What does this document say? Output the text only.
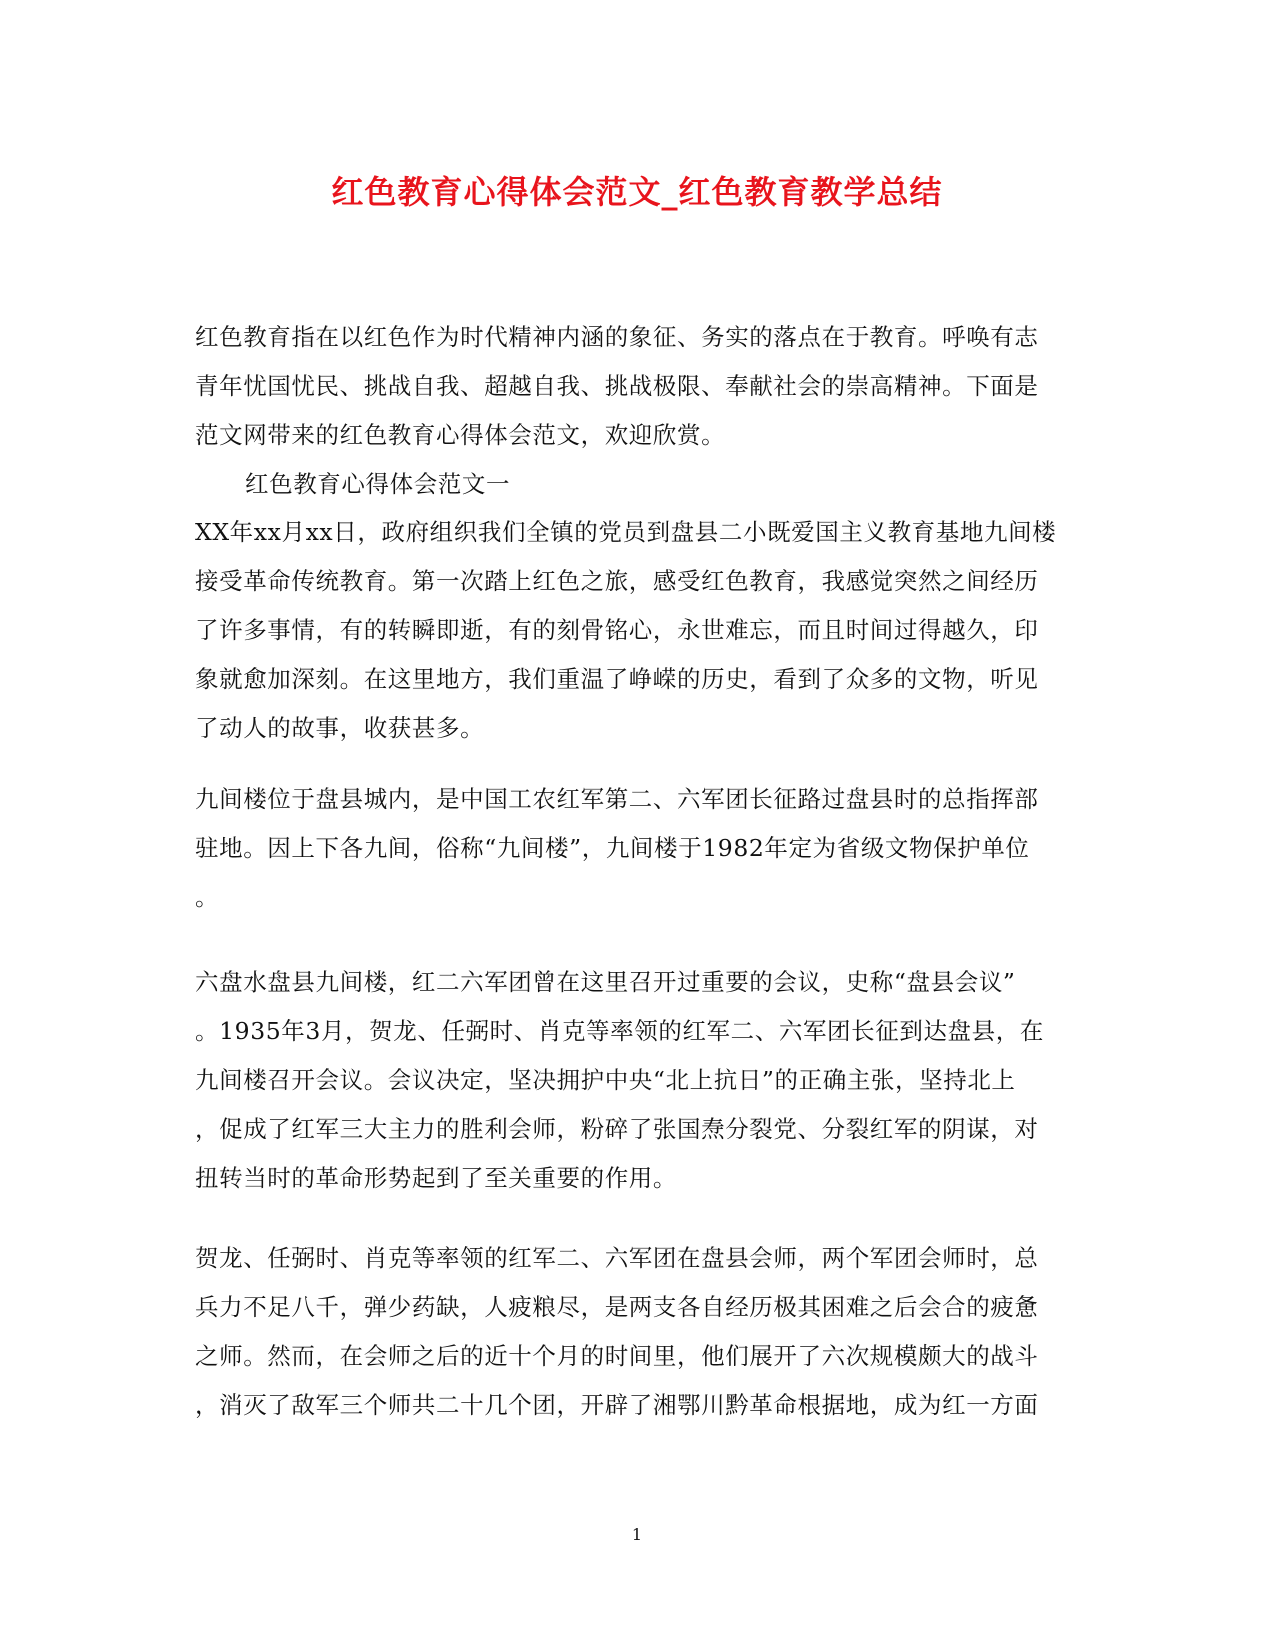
红色教育心得体会范文_红色教育教学总结
红色教育指在以红色作为时代精神内涵的象征、务实的落点在于教育。呼唤有志
青年忧国忧民、挑战自我、超越自我、挑战极限、奉献社会的崇高精神。下面是
范文网带来的红色教育心得体会范文，欢迎欣赏。
红色教育心得体会范文一
XX年xx月xx日，政府组织我们全镇的党员到盘县二小既爱国主义教育基地九间楼
接受革命传统教育。第一次踏上红色之旅，感受红色教育，我感觉突然之间经历
了许多事情，有的转瞬即逝，有的刻骨铭心，永世难忘，而且时间过得越久，印
象就愈加深刻。在这里地方，我们重温了峥嵘的历史，看到了众多的文物，听见
了动人的故事，收获甚多。
九间楼位于盘县城内，是中国工农红军第二、六军团长征路过盘县时的总指挥部
驻地。因上下各九间，俗称“九间楼”，九间楼于1982年定为省级文物保护单位
。
六盘水盘县九间楼，红二六军团曾在这里召开过重要的会议，史称“盘县会议”
。1935年3月，贺龙、任弼时、肖克等率领的红军二、六军团长征到达盘县，在
九间楼召开会议。会议决定，坚决拥护中央“北上抗日”的正确主张，坚持北上
，促成了红军三大主力的胜利会师，粉碎了张国焘分裂党、分裂红军的阴谋，对
扭转当时的革命形势起到了至关重要的作用。
贺龙、任弼时、肖克等率领的红军二、六军团在盘县会师，两个军团会师时，总
兵力不足八千，弹少药缺，人疲粮尽，是两支各自经历极其困难之后会合的疲惫
之师。然而，在会师之后的近十个月的时间里，他们展开了六次规模颇大的战斗
，消灭了敌军三个师共二十几个团，开辟了湘鄂川黔革命根据地，成为红一方面
1
